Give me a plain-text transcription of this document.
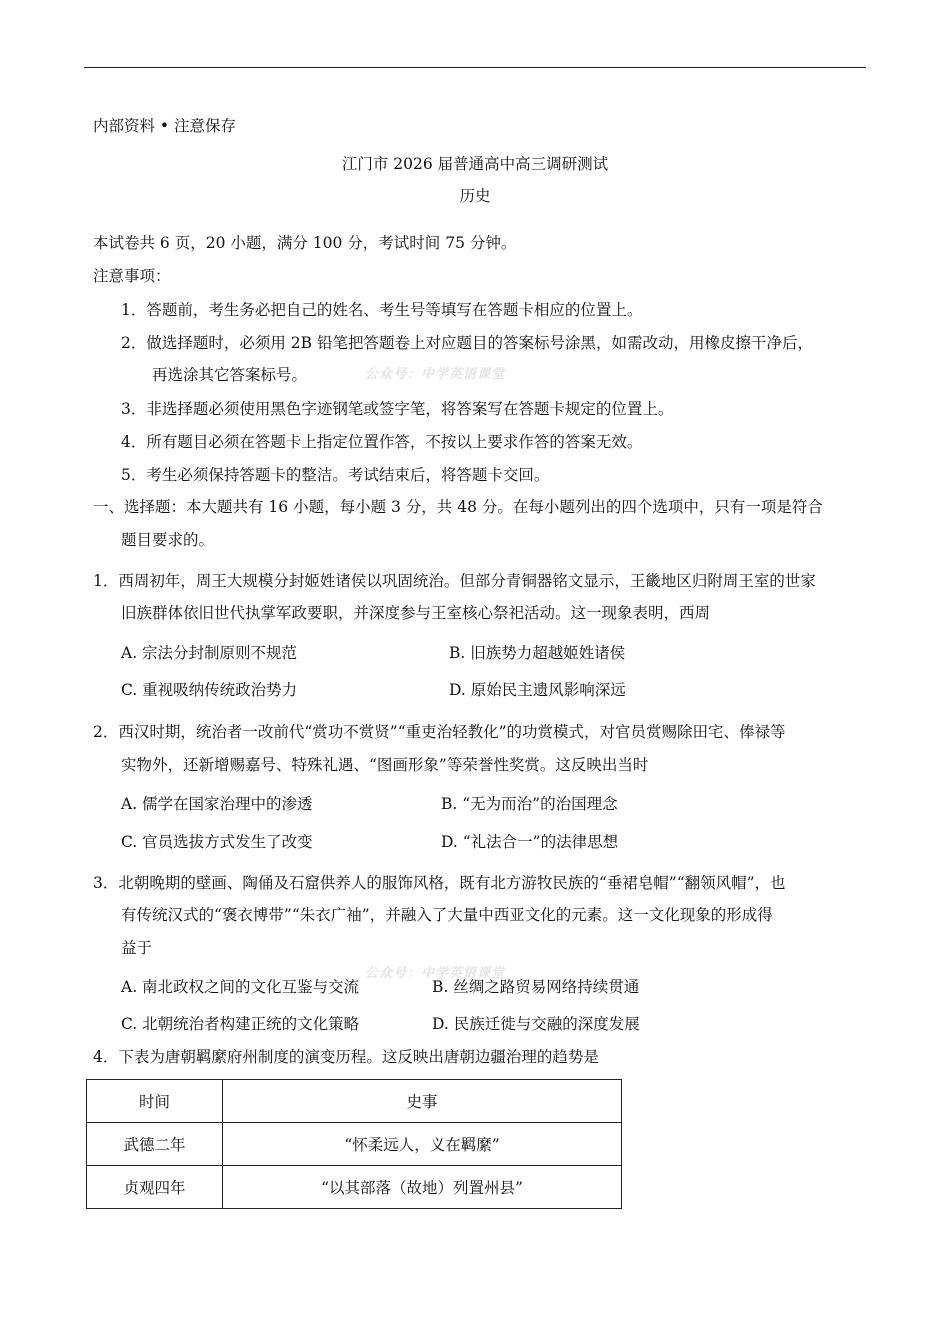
内部资料 • 注意保存
江门市 2026 届普通高中高三调研测试
历史
本试卷共 6 页，20 小题，满分 100 分，考试时间 75 分钟。
注意事项：
1．答题前，考生务必把自己的姓名、考生号等填写在答题卡相应的位置上。
2．做选择题时，必须用 2B 铅笔把答题卷上对应题目的答案标号涂黑，如需改动，用橡皮擦干净后，
再选涂其它答案标号。	公众号：中学英语课堂
3．非选择题必须使用黑色字迹钢笔或签字笔，将答案写在答题卡规定的位置上。
4．所有题目必须在答题卡上指定位置作答，不按以上要求作答的答案无效。
5．考生必须保持答题卡的整洁。考试结束后，将答题卡交回。
一、选择题：本大题共有 16 小题，每小题 3 分，共 48 分。在每小题列出的四个选项中，只有一项是符合
题目要求的。
1．西周初年，周王大规模分封姬姓诸侯以巩固统治。但部分青铜器铭文显示，王畿地区归附周王室的世家
旧族群体依旧世代执掌军政要职，并深度参与王室核心祭祀活动。这一现象表明，西周
A. 宗法分封制原则不规范	B. 旧族势力超越姬姓诸侯
C. 重视吸纳传统政治势力	D. 原始民主遗风影响深远
2．西汉时期，统治者一改前代“赏功不赏贤”“重吏治轻教化”的功赏模式，对官员赏赐除田宅、俸禄等
实物外，还新增赐嘉号、特殊礼遇、“图画形象”等荣誉性奖赏。这反映出当时
A. 儒学在国家治理中的渗透	B. “无为而治”的治国理念
C. 官员选拔方式发生了改变	D. “礼法合一”的法律思想
3．北朝晚期的壁画、陶俑及石窟供养人的服饰风格，既有北方游牧民族的“垂裙皂帽”“翻领风帽”，也
有传统汉式的“褒衣博带”“朱衣广袖”，并融入了大量中西亚文化的元素。这一文化现象的形成得
益于
公众号：中学英语课堂
A. 南北政权之间的文化互鉴与交流	B. 丝绸之路贸易网络持续贯通
C. 北朝统治者构建正统的文化策略	D. 民族迁徙与交融的深度发展
4．下表为唐朝羁縻府州制度的演变历程。这反映出唐朝边疆治理的趋势是
时间	史事
武德二年	“怀柔远人，义在羁縻”
贞观四年	“以其部落（故地）列置州县”
